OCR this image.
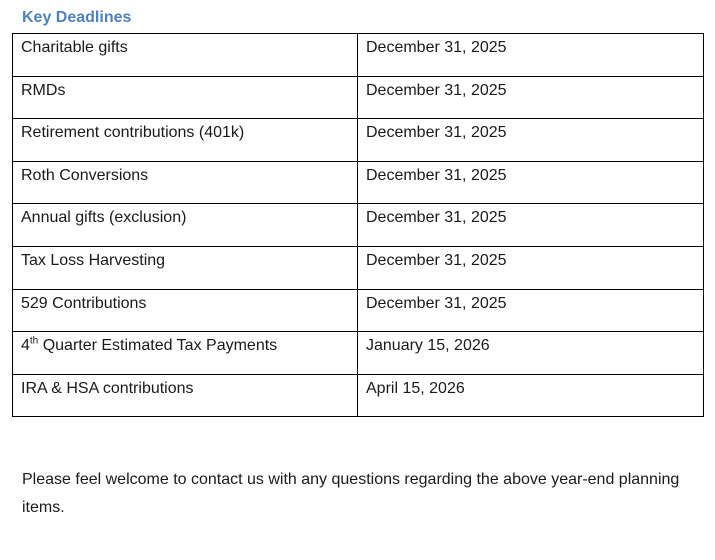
Key Deadlines
Charitable gifts	December 31, 2025
RMDs	December 31, 2025
Retirement contributions (401k)	December 31, 2025
Roth Conversions	December 31, 2025
Annual gifts (exclusion)	December 31, 2025
Tax Loss Harvesting	December 31, 2025
529 Contributions	December 31, 2025
4th Quarter Estimated Tax Payments	January 15, 2026
IRA & HSA contributions	April 15, 2026

Please feel welcome to contact us with any questions regarding the above year-end planning items.
